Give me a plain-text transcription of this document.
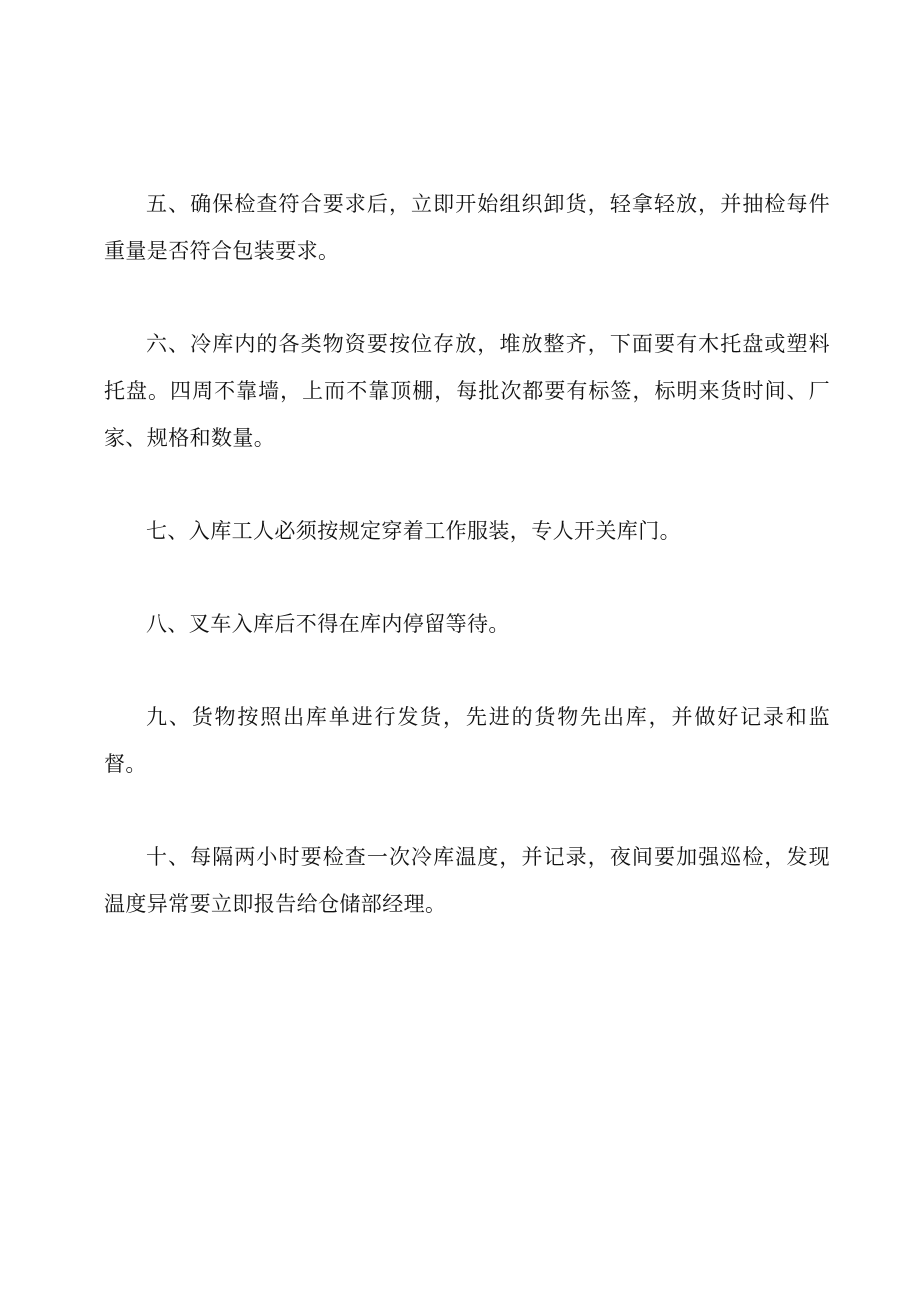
五、确保检查符合要求后，立即开始组织卸货，轻拿轻放，并抽检每件重量是否符合包装要求。

六、冷库内的各类物资要按位存放，堆放整齐，下面要有木托盘或塑料托盘。四周不靠墙，上而不靠顶棚，每批次都要有标签，标明来货时间、厂家、规格和数量。

七、入库工人必须按规定穿着工作服装，专人开关库门。

八、叉车入库后不得在库内停留等待。

九、货物按照出库单进行发货，先进的货物先出库，并做好记录和监督。

十、每隔两小时要检查一次冷库温度，并记录，夜间要加强巡检，发现温度异常要立即报告给仓储部经理。
